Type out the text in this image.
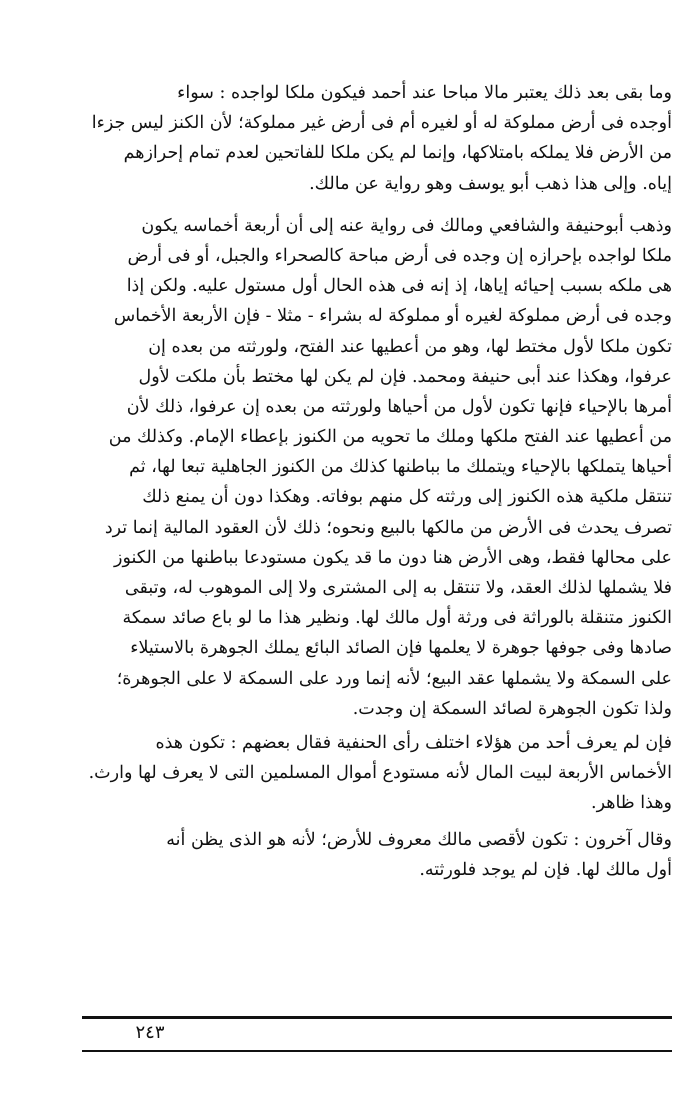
وما بقى بعد ذلك يعتبر مالا مباحا عند أحمد فيكون ملكا لواجده : سواء
أوجده فى أرض مملوكة له أو لغيره أم فى أرض غير مملوكة؛ لأن الكنز ليس جزءا
من الأرض فلا يملكه بامتلاكها، وإنما لم يكن ملكا للفاتحين لعدم تمام إحرازهم
إياه. وإلى هذا ذهب أبو يوسف وهو رواية عن مالك.
وذهب أبوحنيفة والشافعي ومالك فى رواية عنه إلى أن أربعة أخماسه يكون
ملكا لواجده بإحرازه إن وجده فى أرض مباحة كالصحراء والجبل، أو فى أرض
هى ملكه بسبب إحيائه إياها، إذ إنه فى هذه الحال أول مستول عليه. ولكن إذا
وجده فى أرض مملوكة لغيره أو مملوكة له بشراء - مثلا - فإن الأربعة الأخماس
تكون ملكا لأول مختط لها، وهو من أعطيها عند الفتح، ولورثته من بعده إن
عرفوا، وهكذا عند أبى حنيفة ومحمد. فإن لم يكن لها مختط بأن ملكت لأول
أمرها بالإحياء فإنها تكون لأول من أحياها ولورثته من بعده إن عرفوا، ذلك لأن
من أعطيها عند الفتح ملكها وملك ما تحويه من الكنوز بإعطاء الإمام. وكذلك من
أحياها يتملكها بالإحياء ويتملك ما بباطنها كذلك من الكنوز الجاهلية تبعا لها، ثم
تنتقل ملكية هذه الكنوز إلى ورثته كل منهم بوفاته. وهكذا دون أن يمنع ذلك
تصرف يحدث فى الأرض من مالكها بالبيع ونحوه؛ ذلك لأن العقود المالية إنما ترد
على محالها فقط، وهى الأرض هنا دون ما قد يكون مستودعا بباطنها من الكنوز
فلا يشملها لذلك العقد، ولا تنتقل به إلى المشترى ولا إلى الموهوب له، وتبقى
الكنوز متنقلة بالوراثة فى ورثة أول مالك لها. ونظير هذا ما لو باع صائد سمكة
صادها وفى جوفها جوهرة لا يعلمها فإن الصائد البائع يملك الجوهرة بالاستيلاء
على السمكة ولا يشملها عقد البيع؛ لأنه إنما ورد على السمكة لا على الجوهرة؛
ولذا تكون الجوهرة لصائد السمكة إن وجدت.
فإن لم يعرف أحد من هؤلاء اختلف رأى الحنفية فقال بعضهم : تكون هذه
الأخماس الأربعة لبيت المال لأنه مستودع أموال المسلمين التى لا يعرف لها وارث.
وهذا ظاهر.
وقال آخرون : تكون لأقصى مالك معروف للأرض؛ لأنه هو الذى يظن أنه
أول مالك لها. فإن لم يوجد فلورثته.
٢٤٣
